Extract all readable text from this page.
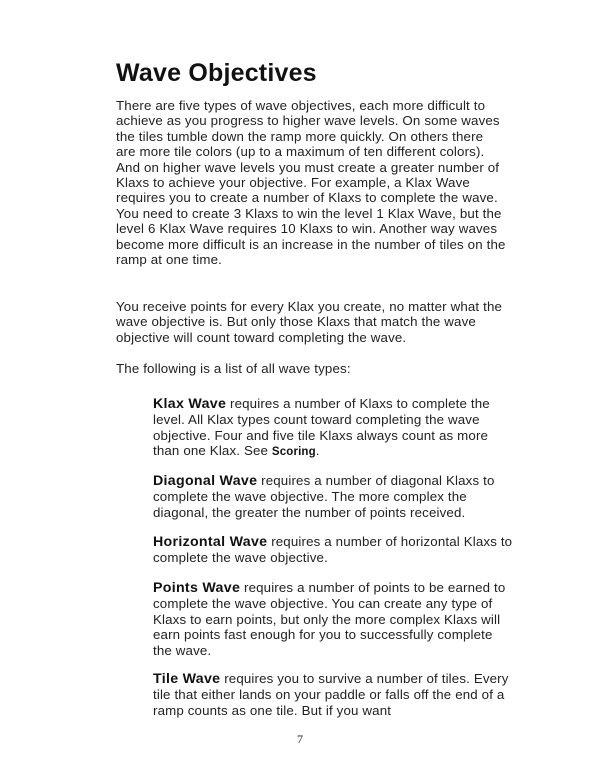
Wave Objectives

There are five types of wave objectives, each more difficult to achieve as you progress to higher wave levels. On some waves the tiles tumble down the ramp more quickly. On others there are more tile colors (up to a maximum of ten different colors). And on higher wave levels you must create a greater number of Klaxs to achieve your objective. For example, a Klax Wave requires you to create a number of Klaxs to complete the wave. You need to create 3 Klaxs to win the level 1 Klax Wave, but the level 6 Klax Wave requires 10 Klaxs to win. Another way waves become more difficult is an increase in the number of tiles on the ramp at one time.

You receive points for every Klax you create, no matter what the wave objective is. But only those Klaxs that match the wave objective will count toward completing the wave.

The following is a list of all wave types:

Klax Wave requires a number of Klaxs to complete the level. All Klax types count toward completing the wave objective. Four and five tile Klaxs always count as more than one Klax. See Scoring.

Diagonal Wave requires a number of diagonal Klaxs to complete the wave objective. The more complex the diagonal, the greater the number of points received.

Horizontal Wave requires a number of horizontal Klaxs to complete the wave objective.

Points Wave requires a number of points to be earned to complete the wave objective. You can create any type of Klaxs to earn points, but only the more complex Klaxs will earn points fast enough for you to successfully complete the wave.

Tile Wave requires you to survive a number of tiles. Every tile that either lands on your paddle or falls off the end of a ramp counts as one tile. But if you want

7
